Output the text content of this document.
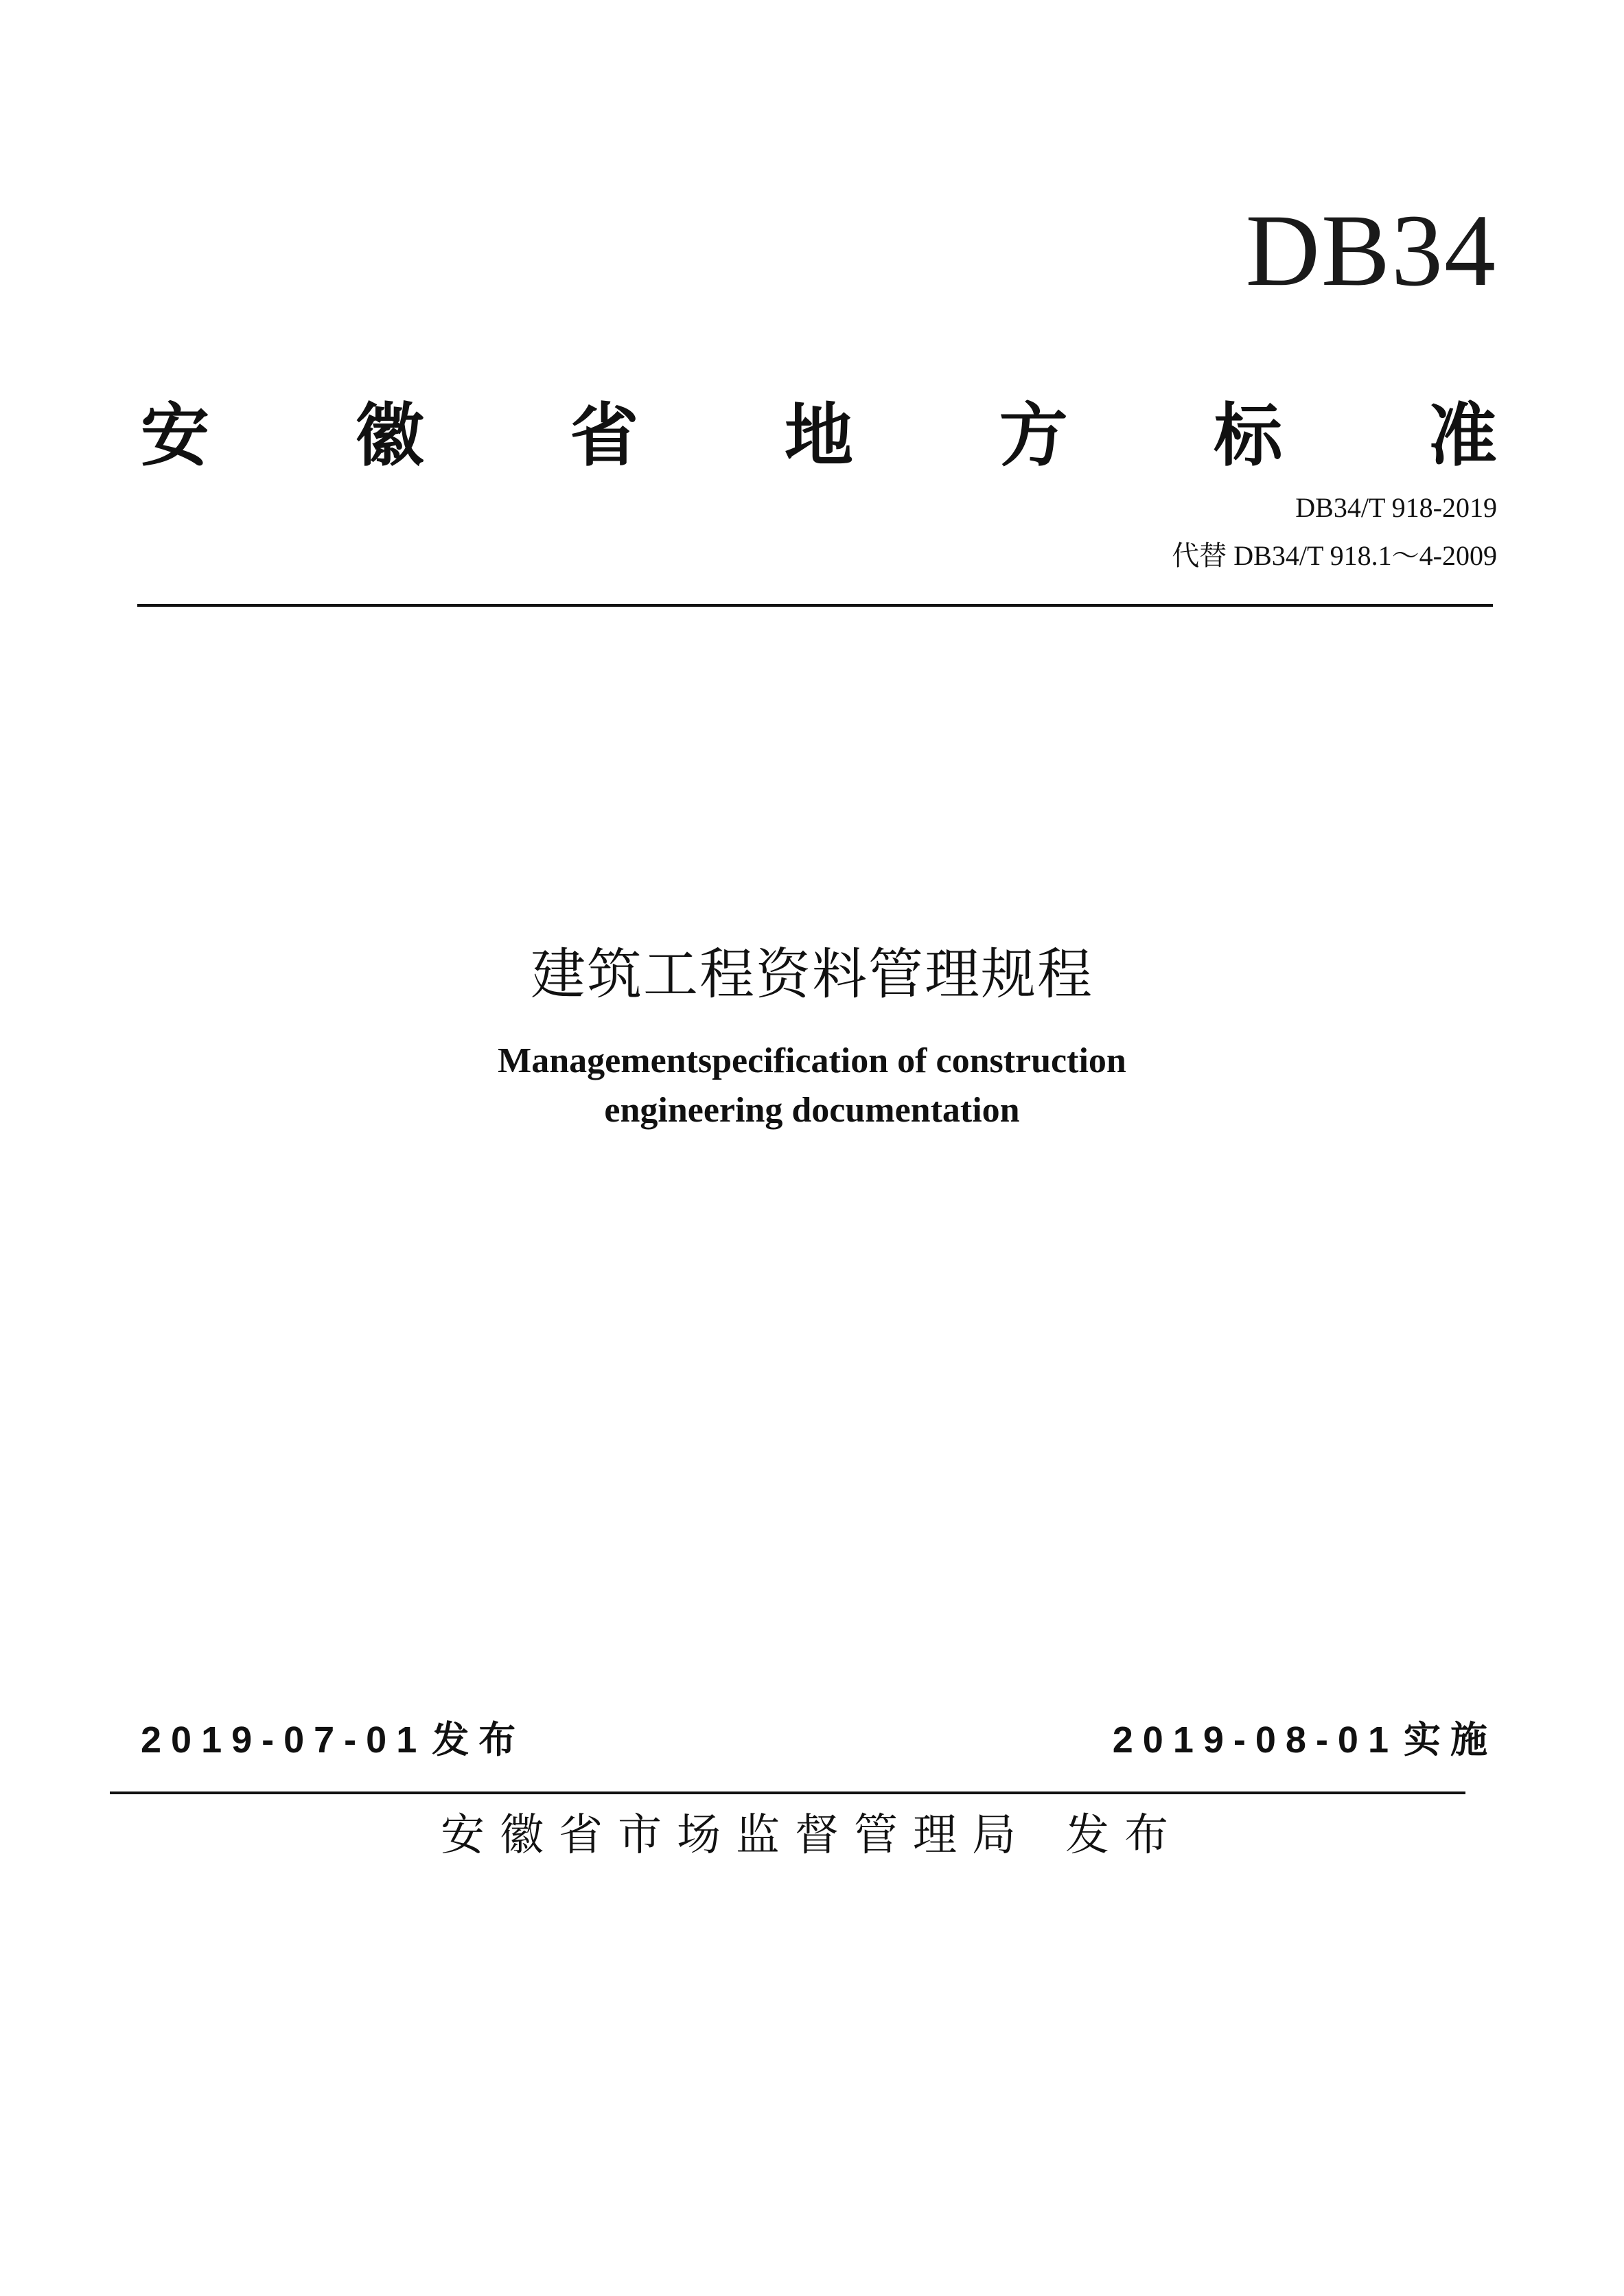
DB34
安 徽 省 地 方 标 准
DB34/T 918-2019
代替 DB34/T 918.1～4-2009
建筑工程资料管理规程
Managementspecification of construction
engineering documentation
2019-07-01 发布	2019-08-01 实施
安徽省市场监督管理局 发布
